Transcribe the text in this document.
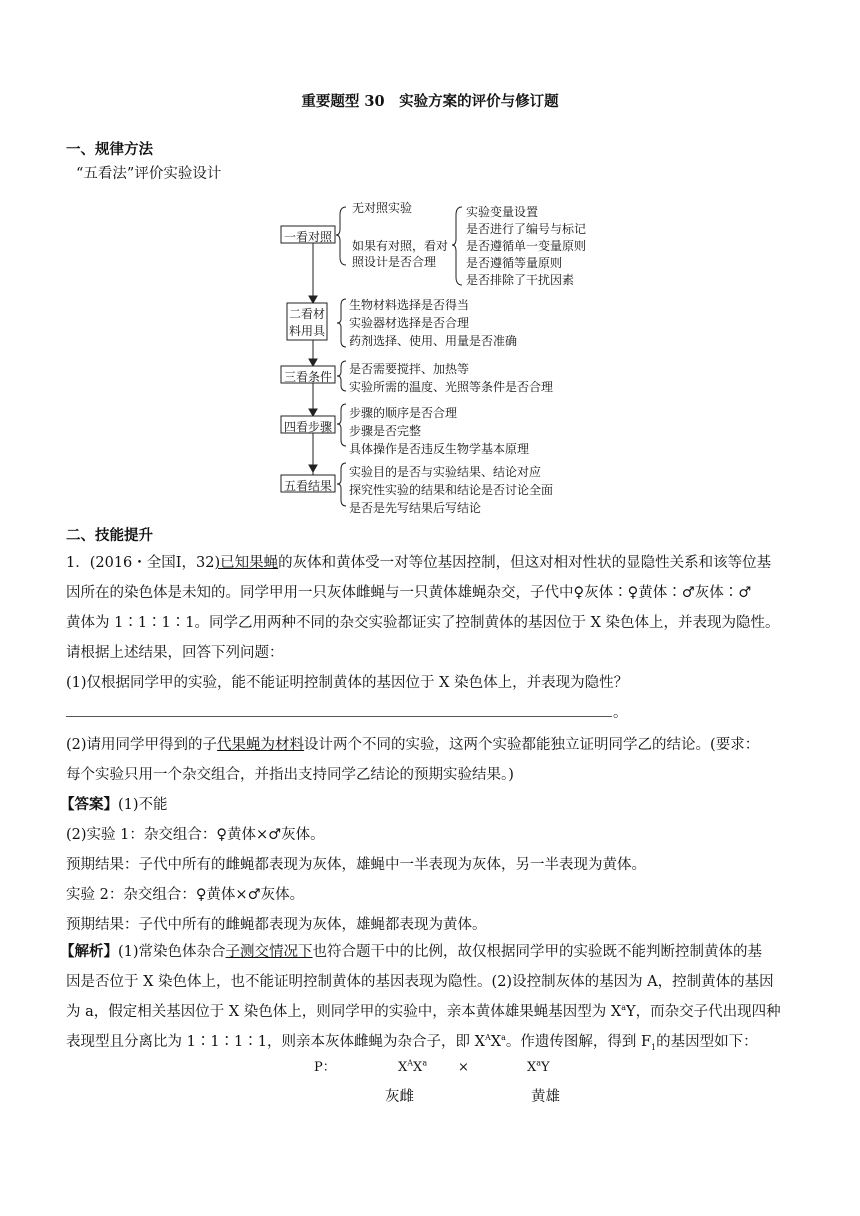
重要题型 30　实验方案的评价与修订题
一、规律方法
“五看法”评价实验设计
一看对照
二看材
料用具
三看条件
四看步骤
五看结果
无对照实验
如果有对照，看对
照设计是否合理
实验变量设置
是否进行了编号与标记
是否遵循单一变量原则
是否遵循等量原则
是否排除了干扰因素
生物材料选择是否得当
实验器材选择是否合理
药剂选择、使用、用量是否准确
是否需要搅拌、加热等
实验所需的温度、光照等条件是否合理
步骤的顺序是否合理
步骤是否完整
具体操作是否违反生物学基本原理
实验目的是否与实验结果、结论对应
探究性实验的结果和结论是否讨论全面
是否是先写结果后写结论
二、技能提升
1．(2016・全国Ⅰ，32)已知果蝇的灰体和黄体受一对等位基因控制，但这对相对性状的显隐性关系和该等位基
因所在的染色体是未知的。同学甲用一只灰体雌蝇与一只黄体雄蝇杂交，子代中♀灰体∶♀黄体∶♂灰体∶♂
黄体为 1∶1∶1∶1。同学乙用两种不同的杂交实验都证实了控制黄体的基因位于 X 染色体上，并表现为隐性。
请根据上述结果，回答下列问题：
(1)仅根据同学甲的实验，能不能证明控制黄体的基因位于 X 染色体上，并表现为隐性？
。
(2)请用同学甲得到的子代果蝇为材料设计两个不同的实验，这两个实验都能独立证明同学乙的结论。(要求：
每个实验只用一个杂交组合，并指出支持同学乙结论的预期实验结果。)
【答案】(1)不能
(2)实验 1：杂交组合：♀黄体×♂灰体。
预期结果：子代中所有的雌蝇都表现为灰体，雄蝇中一半表现为灰体，另一半表现为黄体。
实验 2：杂交组合：♀黄体×♂灰体。
预期结果：子代中所有的雌蝇都表现为灰体，雄蝇都表现为黄体。
【解析】(1)常染色体杂合子测交情况下也符合题干中的比例，故仅根据同学甲的实验既不能判断控制黄体的基
因是否位于 X 染色体上，也不能证明控制黄体的基因表现为隐性。(2)设控制灰体的基因为 A，控制黄体的基因
为 a，假定相关基因位于 X 染色体上，则同学甲的实验中，亲本黄体雄果蝇基因型为 $X^aY$，而杂交子代出现四种
表现型且分离比为 1∶1∶1∶1，则亲本灰体雌蝇为杂合子，即 $X^AX^a$。作遗传图解，得到 $F_1$的基因型如下：
P：	$X^AX^a$ ×	$X^aY$
灰雌	黄雄
